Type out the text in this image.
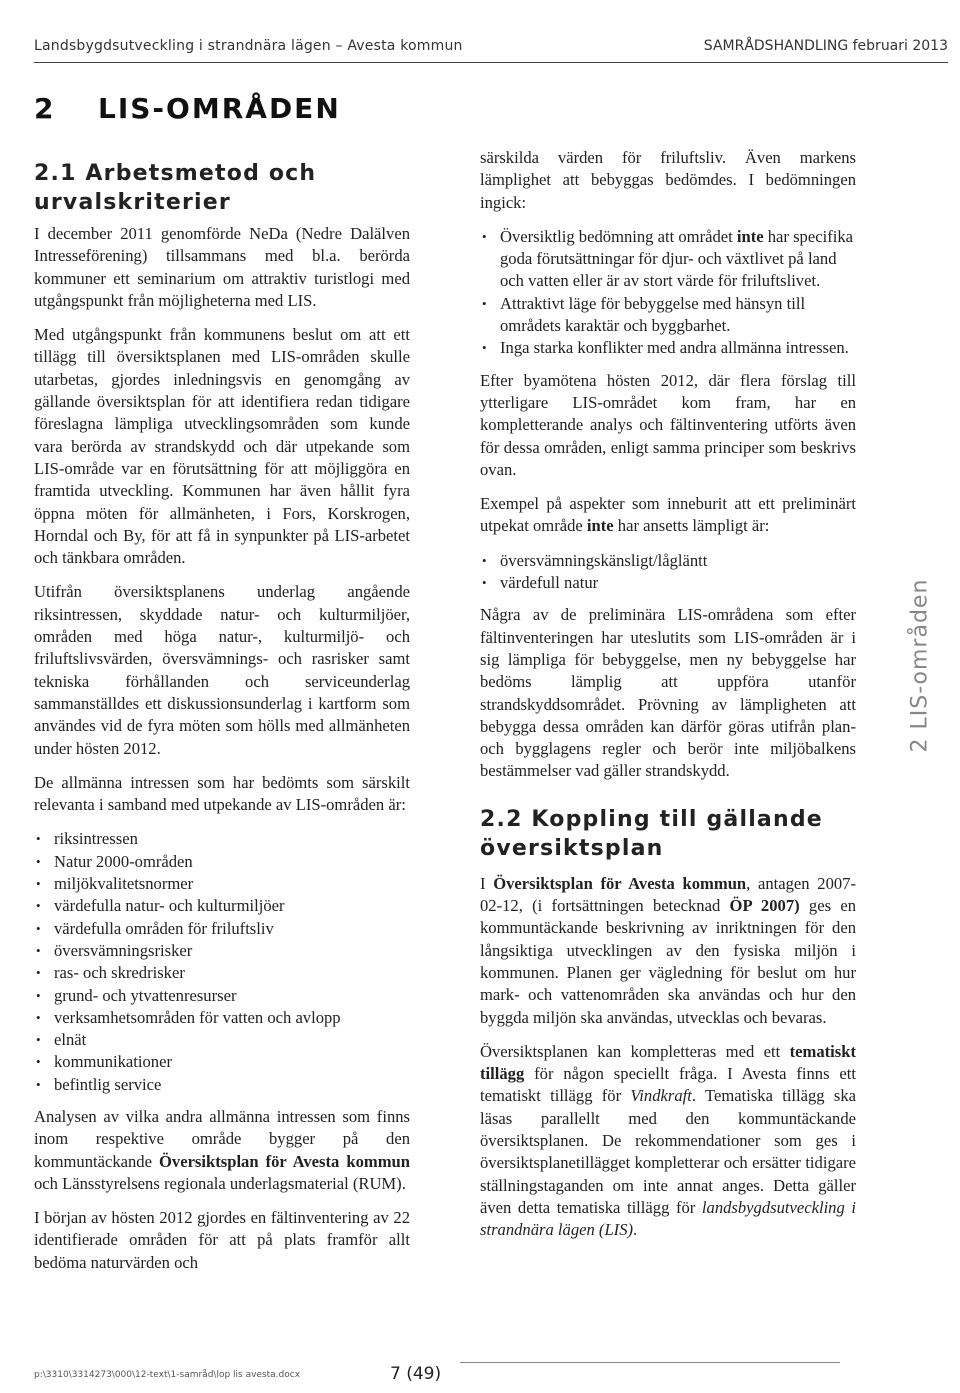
Landsbygdsutveckling i strandnära lägen – Avesta kommun	SAMRÅDSHANDLING februari 2013
2 LIS-OMRÅDEN
2.1 Arbetsmetod och urvalskriterier

I december 2011 genomförde NeDa (Nedre Dalälven Intresseförening) tillsammans med bl.a. berörda kommuner ett seminarium om attraktiv turistlogi med utgångspunkt från möjligheterna med LIS.

Med utgångspunkt från kommunens beslut om att ett tillägg till översiktsplanen med LIS-områden skulle utarbetas, gjordes inledningsvis en genomgång av gällande översiktsplan för att identifiera redan tidigare föreslagna lämpliga utvecklingsområden som kunde vara berörda av strandskydd och där utpekande som LIS-område var en förutsättning för att möjliggöra en framtida utveckling. Kommunen har även hållit fyra öppna möten för allmänheten, i Fors, Korskrogen, Horndal och By, för att få in synpunkter på LIS-arbetet och tänkbara områden.

Utifrån översiktsplanens underlag angående riksintressen, skyddade natur- och kulturmiljöer, områden med höga natur-, kulturmiljö- och friluftslivsvärden, översvämnings- och rasrisker samt tekniska förhållanden och serviceunderlag sammanställdes ett diskussionsunderlag i kartform som användes vid de fyra möten som hölls med allmänheten under hösten 2012.

De allmänna intressen som har bedömts som särskilt relevanta i samband med utpekande av LIS-områden är:

• riksintressen
• Natur 2000-områden
• miljökvalitetsnormer
• värdefulla natur- och kulturmiljöer
• värdefulla områden för friluftsliv
• översvämningsrisker
• ras- och skredrisker
• grund- och ytvattenresurser
• verksamhetsområden för vatten och avlopp
• elnät
• kommunikationer
• befintlig service

Analysen av vilka andra allmänna intressen som finns inom respektive område bygger på den kommuntäckande Översiktsplan för Avesta kommun och Länsstyrelsens regionala underlagsmaterial (RUM).

I början av hösten 2012 gjordes en fältinventering av 22 identifierade områden för att på plats framför allt bedöma naturvärden och

särskilda värden för friluftsliv. Även markens lämplighet att bebyggas bedömdes. I bedömningen ingick:

• Översiktlig bedömning att området inte har specifika goda förutsättningar för djur- och växtlivet på land och vatten eller är av stort värde för friluftslivet.
• Attraktivt läge för bebyggelse med hänsyn till områdets karaktär och byggbarhet.
• Inga starka konflikter med andra allmänna intressen.

Efter byamötena hösten 2012, där flera förslag till ytterligare LIS-området kom fram, har en kompletterande analys och fältinventering utförts även för dessa områden, enligt samma principer som beskrivs ovan.

Exempel på aspekter som inneburit att ett preliminärt utpekat område inte har ansetts lämpligt är:

• översvämningskänsligt/lågläntt
• värdefull natur

Några av de preliminära LIS-områdena som efter fältinventeringen har uteslutits som LIS-områden är i sig lämpliga för bebyggelse, men ny bebyggelse har bedöms lämplig att uppföra utanför strandskyddsområdet. Prövning av lämpligheten att bebygga dessa områden kan därför göras utifrån plan- och bygglagens regler och berör inte miljöbalkens bestämmelser vad gäller strandskydd.

2.2 Koppling till gällande översiktsplan

I Översiktsplan för Avesta kommun, antagen 2007-02-12, (i fortsättningen betecknad ÖP 2007) ges en kommuntäckande beskrivning av inriktningen för den långsiktiga utvecklingen av den fysiska miljön i kommunen. Planen ger vägledning för beslut om hur mark- och vattenområden ska användas och hur den byggda miljön ska användas, utvecklas och bevaras.

Översiktsplanen kan kompletteras med ett tematiskt tillägg för någon speciellt fråga. I Avesta finns ett tematiskt tillägg för Vindkraft. Tematiska tillägg ska läsas parallellt med den kommuntäckande översiktsplanen. De rekommendationer som ges i översiktsplanetillägget kompletterar och ersätter tidigare ställningstaganden om inte annat anges. Detta gäller även detta tematiska tillägg för landsbygdsutveckling i strandnära lägen (LIS).

2 LIS-områden
p:\3310\3314273\000\12-text\1-samråd\lop lis avesta.docx	7 (49)
